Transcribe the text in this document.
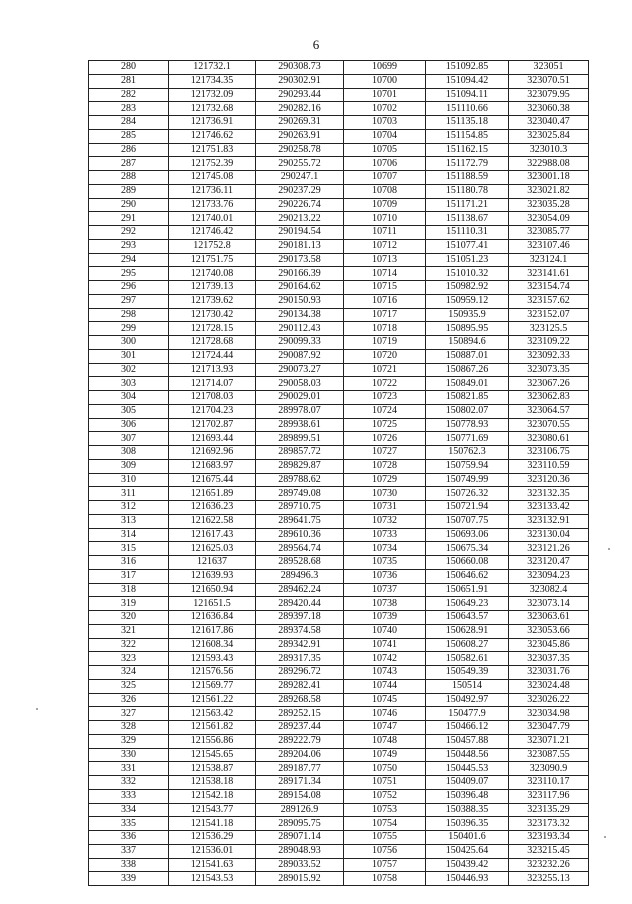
6
280	121732.1	290308.73	10699	151092.85	323051
281	121734.35	290302.91	10700	151094.42	323070.51
282	121732.09	290293.44	10701	151094.11	323079.95
283	121732.68	290282.16	10702	151110.66	323060.38
284	121736.91	290269.31	10703	151135.18	323040.47
285	121746.62	290263.91	10704	151154.85	323025.84
286	121751.83	290258.78	10705	151162.15	323010.3
287	121752.39	290255.72	10706	151172.79	322988.08
288	121745.08	290247.1	10707	151188.59	323001.18
289	121736.11	290237.29	10708	151180.78	323021.82
290	121733.76	290226.74	10709	151171.21	323035.28
291	121740.01	290213.22	10710	151138.67	323054.09
292	121746.42	290194.54	10711	151110.31	323085.77
293	121752.8	290181.13	10712	151077.41	323107.46
294	121751.75	290173.58	10713	151051.23	323124.1
295	121740.08	290166.39	10714	151010.32	323141.61
296	121739.13	290164.62	10715	150982.92	323154.74
297	121739.62	290150.93	10716	150959.12	323157.62
298	121730.42	290134.38	10717	150935.9	323152.07
299	121728.15	290112.43	10718	150895.95	323125.5
300	121728.68	290099.33	10719	150894.6	323109.22
301	121724.44	290087.92	10720	150887.01	323092.33
302	121713.93	290073.27	10721	150867.26	323073.35
303	121714.07	290058.03	10722	150849.01	323067.26
304	121708.03	290029.01	10723	150821.85	323062.83
305	121704.23	289978.07	10724	150802.07	323064.57
306	121702.87	289938.61	10725	150778.93	323070.55
307	121693.44	289899.51	10726	150771.69	323080.61
308	121692.96	289857.72	10727	150762.3	323106.75
309	121683.97	289829.87	10728	150759.94	323110.59
310	121675.44	289788.62	10729	150749.99	323120.36
311	121651.89	289749.08	10730	150726.32	323132.35
312	121636.23	289710.75	10731	150721.94	323133.42
313	121622.58	289641.75	10732	150707.75	323132.91
314	121617.43	289610.36	10733	150693.06	323130.04
315	121625.03	289564.74	10734	150675.34	323121.26
316	121637	289528.68	10735	150660.08	323120.47
317	121639.93	289496.3	10736	150646.62	323094.23
318	121650.94	289462.24	10737	150651.91	323082.4
319	121651.5	289420.44	10738	150649.23	323073.14
320	121636.84	289397.18	10739	150643.57	323063.61
321	121617.86	289374.58	10740	150628.91	323053.66
322	121608.34	289342.91	10741	150608.27	323045.86
323	121593.43	289317.35	10742	150582.61	323037.35
324	121576.56	289296.72	10743	150549.39	323031.76
325	121569.77	289282.41	10744	150514	323024.48
326	121561.22	289268.58	10745	150492.97	323026.22
327	121563.42	289252.15	10746	150477.9	323034.98
328	121561.82	289237.44	10747	150466.12	323047.79
329	121556.86	289222.79	10748	150457.88	323071.21
330	121545.65	289204.06	10749	150448.56	323087.55
331	121538.87	289187.77	10750	150445.53	323090.9
332	121538.18	289171.34	10751	150409.07	323110.17
333	121542.18	289154.08	10752	150396.48	323117.96
334	121543.77	289126.9	10753	150388.35	323135.29
335	121541.18	289095.75	10754	150396.35	323173.32
336	121536.29	289071.14	10755	150401.6	323193.34
337	121536.01	289048.93	10756	150425.64	323215.45
338	121541.63	289033.52	10757	150439.42	323232.26
339	121543.53	289015.92	10758	150446.93	323255.13
